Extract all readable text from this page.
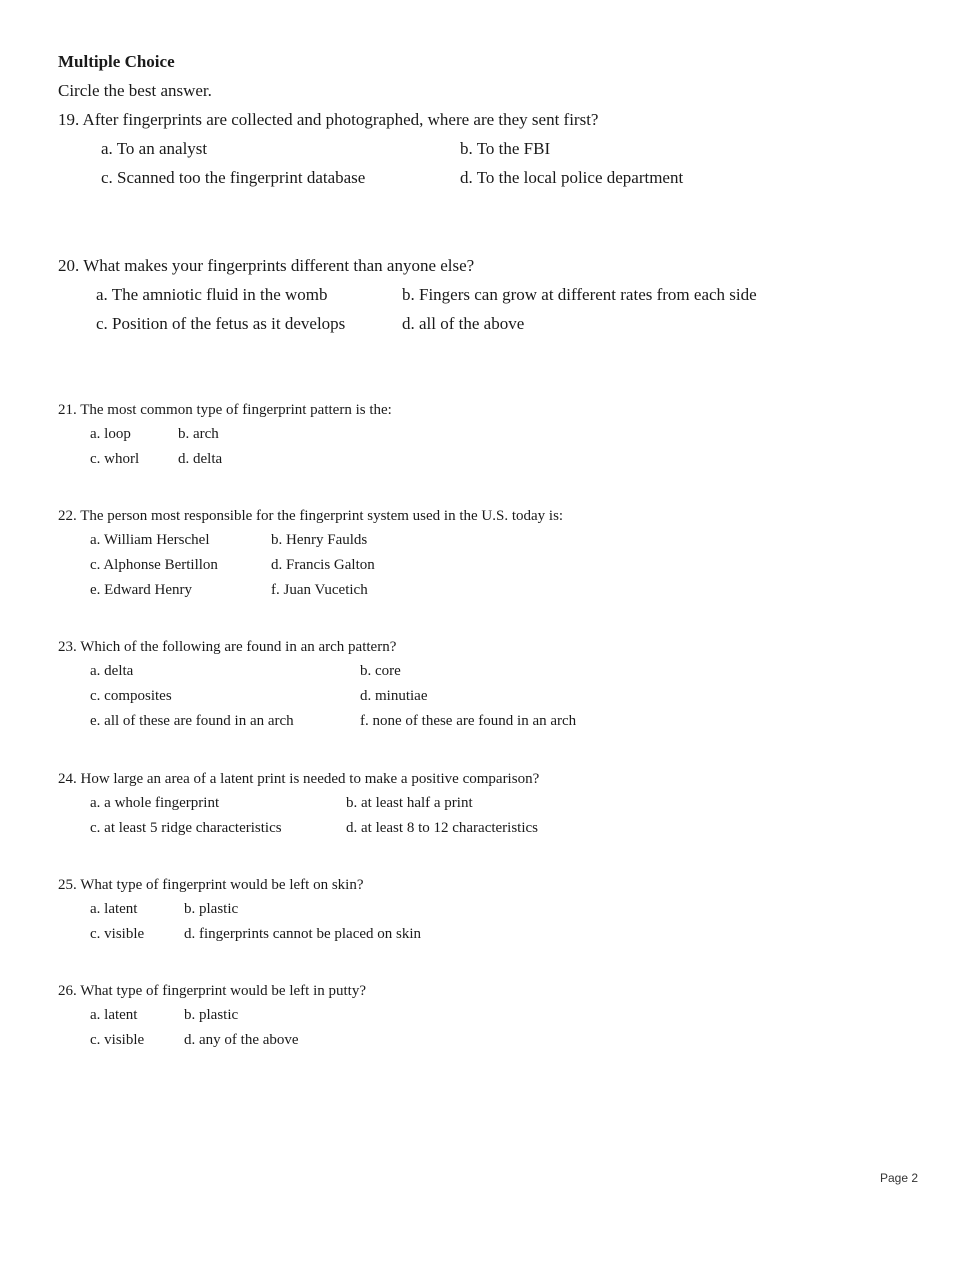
Multiple Choice
Circle the best answer.
19. After fingerprints are collected and photographed, where are they sent first?
a. To an analyst	b. To the FBI
c. Scanned too the fingerprint database	d. To the local police department
20. What makes your fingerprints different than anyone else?
a. The amniotic fluid in the womb	b. Fingers can grow at different rates from each side
c. Position of the fetus as it develops	d. all of the above
21. The most common type of fingerprint pattern is the:
a. loop	b. arch
c. whorl	d. delta
22. The person most responsible for the fingerprint system used in the U.S. today is:
a. William Herschel	b. Henry Faulds
c. Alphonse Bertillon	d. Francis Galton
e. Edward Henry	f. Juan Vucetich
23. Which of the following are found in an arch pattern?
a. delta	b. core
c. composites	d. minutiae
e. all of these are found in an arch	f. none of these are found in an arch
24. How large an area of a latent print is needed to make a positive comparison?
a. a whole fingerprint	b. at least half a print
c. at least 5 ridge characteristics	d. at least 8 to 12 characteristics
25. What type of fingerprint would be left on skin?
a. latent	b. plastic
c. visible	d. fingerprints cannot be placed on skin
26. What type of fingerprint would be left in putty?
a. latent	b. plastic
c. visible	d. any of the above
Page 2
